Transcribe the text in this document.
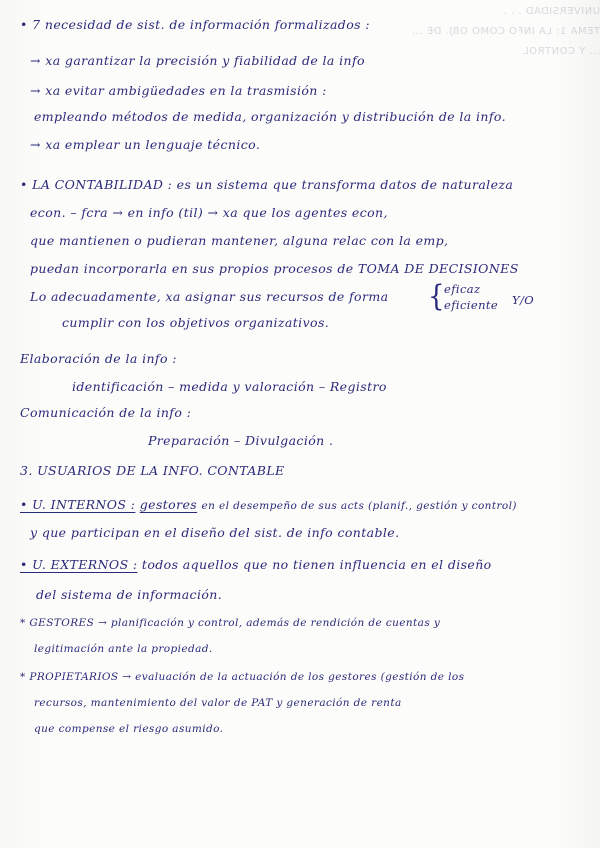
UNIVERSIDAD . . .
TEMA 1: LA INFO COMO OBJ. DE ...
... Y CONTROL
• 7 necesidad de sist. de información formalizados :
→ xa garantizar la precisión y fiabilidad de la info
→ xa evitar ambigüedades en la trasmisión :
empleando métodos de medida, organización y distribución de la info.
→ xa emplear un lenguaje técnico.
• LA CONTABILIDAD : es un sistema que transforma datos de naturaleza
econ. – fcra → en info (til) → xa que los agentes econ,
que mantienen o pudieran mantener, alguna relac con la emp,
puedan incorporarla en sus propios procesos de TOMA DE DECISIONES
Lo adecuadamente, xa asignar sus recursos de forma { eficaz
eficiente Y/O
cumplir con los objetivos organizativos.
Elaboración de la info :
identificación – medida y valoración – Registro
Comunicación de la info :
Preparación – Divulgación .
3. USUARIOS DE LA INFO. CONTABLE
• U. INTERNOS : gestores en el desempeño de sus acts (planif., gestión y control)
y que participan en el diseño del sist. de info contable.
• U. EXTERNOS : todos aquellos que no tienen influencia en el diseño
del sistema de información.
* GESTORES → planificación y control, además de rendición de cuentas y
legitimación ante la propiedad.
* PROPIETARIOS → evaluación de la actuación de los gestores (gestión de los
recursos, mantenimiento del valor de PAT y generación de renta
que compense el riesgo asumido.
